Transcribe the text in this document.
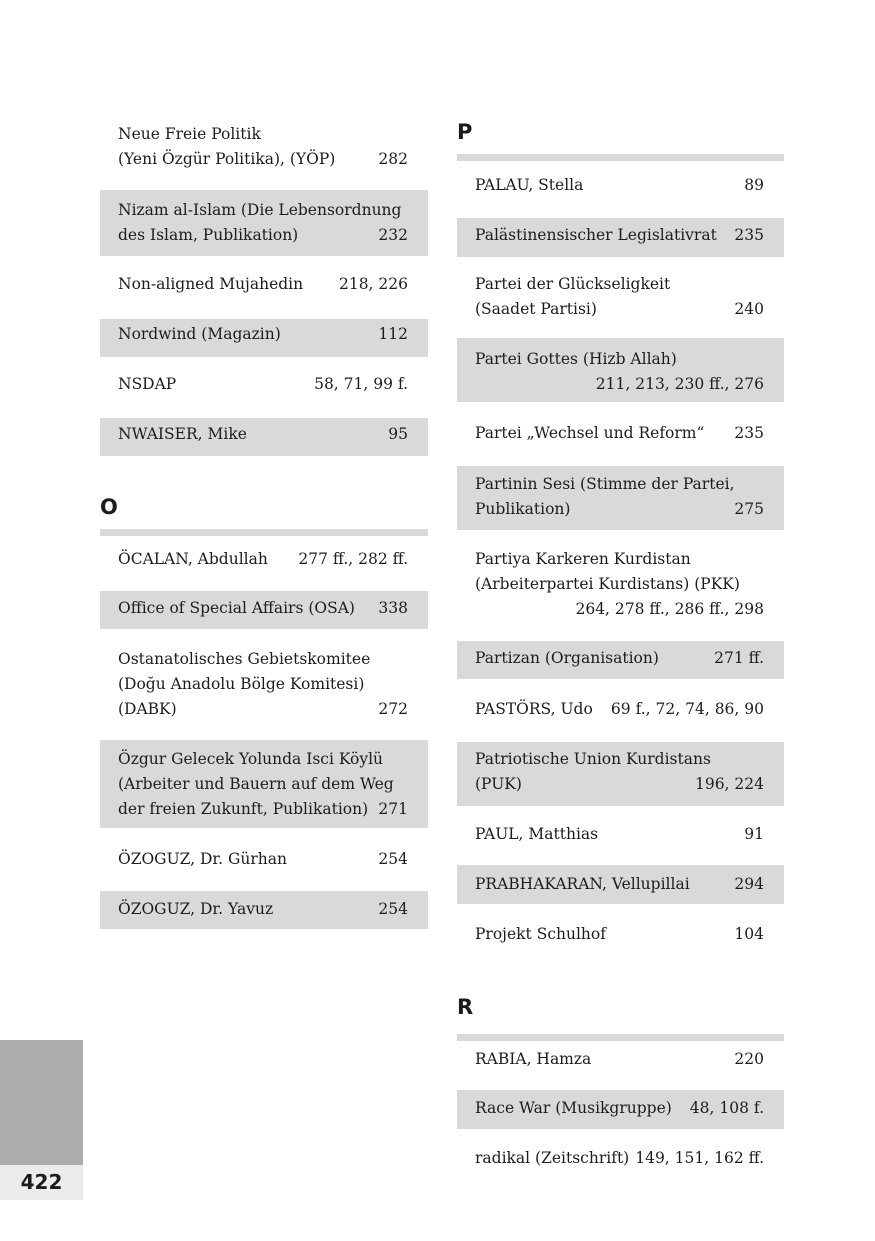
Neue Freie Politik
(Yeni Özgür Politika), (YÖP)	282
Nizam al-Islam (Die Lebensordnung
des Islam, Publikation)	232
Non-aligned Mujahedin 218, 226
Nordwind (Magazin)	112
NSDAP	58, 71, 99 f.
NWAISER, Mike	95
O
ÖCALAN, Abdullah 277 ff., 282 ff.
Office of Special Affairs (OSA) 338
Ostanatolisches Gebietskomitee
(Doğu Anadolu Bölge Komitesi)
(DABK)	272
Özgur Gelecek Yolunda Isci Köylü
(Arbeiter und Bauern auf dem Weg
der freien Zukunft, Publikation) 271
ÖZOGUZ, Dr. Gürhan	254
ÖZOGUZ, Dr. Yavuz	254
P
PALAU, Stella	89
Palästinensischer Legislativrat 235
Partei der Glückseligkeit
(Saadet Partisi)	240
Partei Gottes (Hizb Allah)
211, 213, 230 ff., 276
Partei „Wechsel und Reform“ 235
Partinin Sesi (Stimme der Partei,
Publikation)	275
Partiya Karkeren Kurdistan
(Arbeiterpartei Kurdistans) (PKK)
264, 278 ff., 286 ff., 298
Partizan (Organisation)	271 ff.
PASTÖRS, Udo 69 f., 72, 74, 86, 90
Patriotische Union Kurdistans
(PUK)	196, 224
PAUL, Matthias	91
PRABHAKARAN, Vellupillai	294
Projekt Schulhof	104
R
RABIA, Hamza	220
Race War (Musikgruppe) 48, 108 f.
radikal (Zeitschrift) 149, 151, 162 ff.
422
